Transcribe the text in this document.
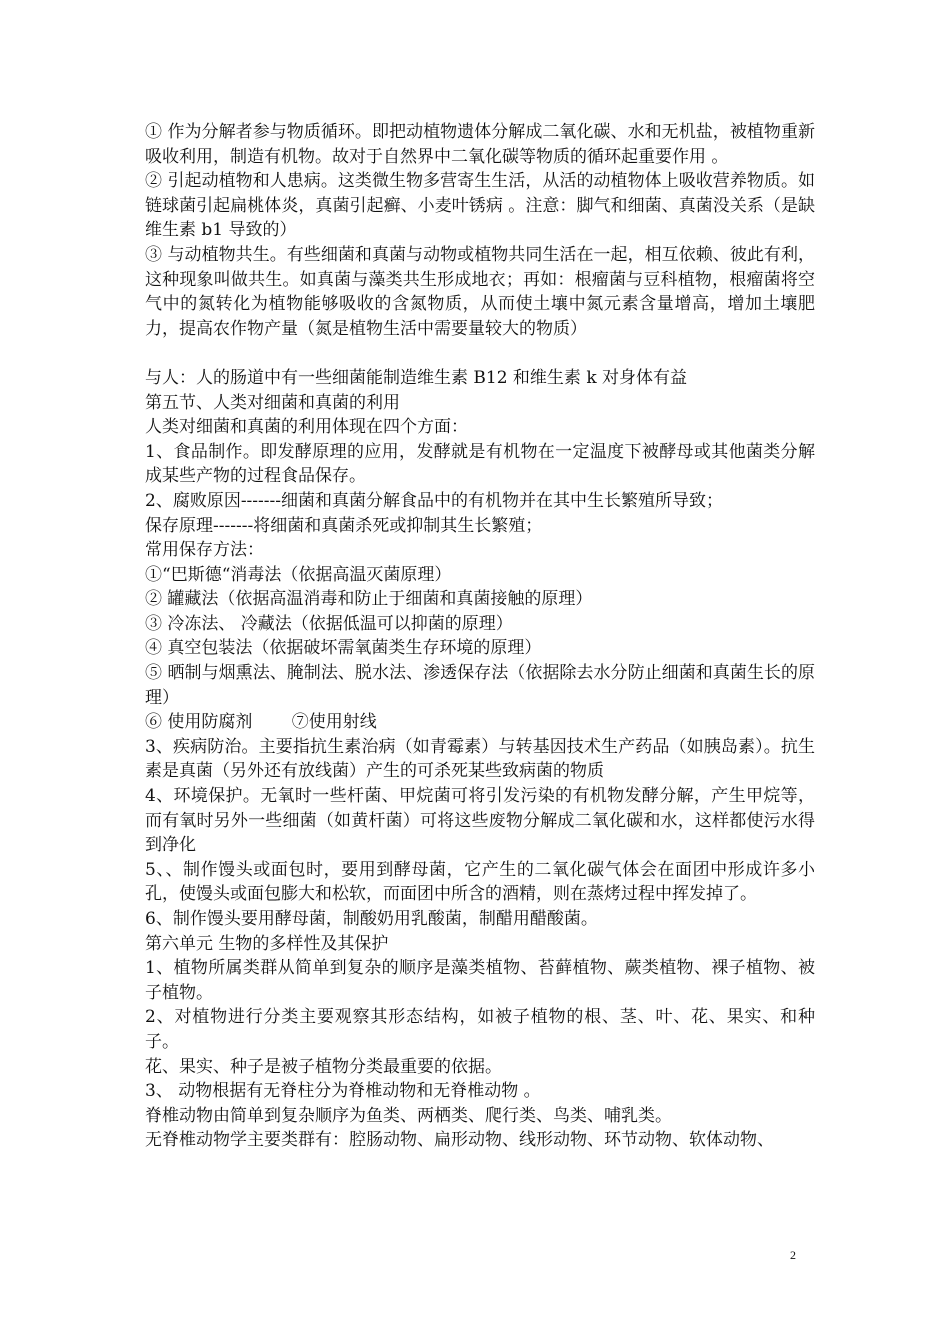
① 作为分解者参与物质循环。即把动植物遗体分解成二氧化碳、水和无机盐，被植物重新吸收利用，制造有机物。故对于自然界中二氧化碳等物质的循环起重要作用 。

② 引起动植物和人患病。这类微生物多营寄生生活，从活的动植物体上吸收营养物质。如链球菌引起扁桃体炎，真菌引起癣、小麦叶锈病 。注意：脚气和细菌、真菌没关系（是缺维生素 b1 导致的）

③ 与动植物共生。有些细菌和真菌与动物或植物共同生活在一起，相互依赖、彼此有利，这种现象叫做共生。如真菌与藻类共生形成地衣；再如：根瘤菌与豆科植物，根瘤菌将空气中的氮转化为植物能够吸收的含氮物质，从而使土壤中氮元素含量增高，增加土壤肥力，提高农作物产量（氮是植物生活中需要量较大的物质）

与人：人的肠道中有一些细菌能制造维生素 B12 和维生素 k 对身体有益

第五节、人类对细菌和真菌的利用

人类对细菌和真菌的利用体现在四个方面：

1、食品制作。即发酵原理的应用，发酵就是有机物在一定温度下被酵母或其他菌类分解成某些产物的过程食品保存。

2、腐败原因-------细菌和真菌分解食品中的有机物并在其中生长繁殖所导致；

保存原理-------将细菌和真菌杀死或抑制其生长繁殖；

常用保存方法：

①“巴斯德“消毒法（依据高温灭菌原理）

② 罐藏法（依据高温消毒和防止于细菌和真菌接触的原理）

③ 冷冻法、 冷藏法（依据低温可以抑菌的原理）

④ 真空包装法（依据破坏需氧菌类生存环境的原理）

⑤ 晒制与烟熏法、腌制法、脱水法、渗透保存法（依据除去水分防止细菌和真菌生长的原理）

⑥ 使用防腐剂　　 ⑦使用射线

3、疾病防治。主要指抗生素治病（如青霉素）与转基因技术生产药品（如胰岛素）。抗生素是真菌（另外还有放线菌）产生的可杀死某些致病菌的物质

4、环境保护。无氧时一些杆菌、甲烷菌可将引发污染的有机物发酵分解，产生甲烷等，而有氧时另外一些细菌（如黄杆菌）可将这些废物分解成二氧化碳和水，这样都使污水得到净化

5、、制作馒头或面包时，要用到酵母菌，它产生的二氧化碳气体会在面团中形成许多小孔，使馒头或面包膨大和松软，而面团中所含的酒精，则在蒸烤过程中挥发掉了。

6、制作馒头要用酵母菌，制酸奶用乳酸菌，制醋用醋酸菌。

第六单元 生物的多样性及其保护

1、植物所属类群从简单到复杂的顺序是藻类植物、苔藓植物、蕨类植物、裸子植物、被子植物。

2、对植物进行分类主要观察其形态结构，如被子植物的根、茎、叶、花、果实、和种子。

花、果实、种子是被子植物分类最重要的依据。

3、 动物根据有无脊柱分为脊椎动物和无脊椎动物 。

脊椎动物由简单到复杂顺序为鱼类、两栖类、爬行类、鸟类、哺乳类。

无脊椎动物学主要类群有：腔肠动物、扁形动物、线形动物、环节动物、软体动物、

2
